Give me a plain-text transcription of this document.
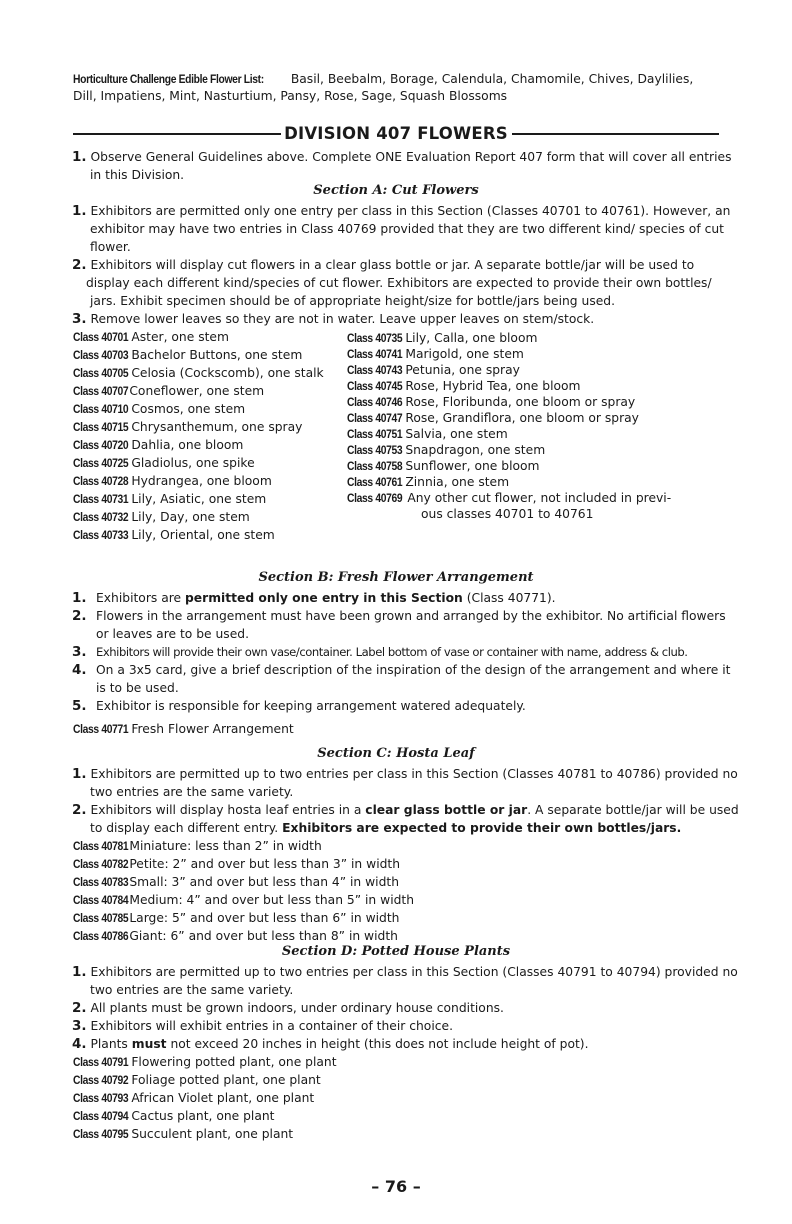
Horticulture Challenge Edible Flower List: Basil, Beebalm, Borage, Calendula, Chamomile, Chives, Daylilies,
Dill, Impatiens, Mint, Nasturtium, Pansy, Rose, Sage, Squash Blossoms
DIVISION 407 FLOWERS
1. Observe General Guidelines above. Complete ONE Evaluation Report 407 form that will cover all entries
in this Division.
Section A: Cut Flowers
1. Exhibitors are permitted only one entry per class in this Section (Classes 40701 to 40761). However, an
exhibitor may have two entries in Class 40769 provided that they are two different kind/ species of cut
flower.
2. Exhibitors will display cut flowers in a clear glass bottle or jar. A separate bottle/jar will be used to
display each different kind/species of cut flower. Exhibitors are expected to provide their own bottles/
jars. Exhibit specimen should be of appropriate height/size for bottle/jars being used.
3. Remove lower leaves so they are not in water. Leave upper leaves on stem/stock.
Class 40701 Aster, one stem
Class 40703 Bachelor Buttons, one stem
Class 40705 Celosia (Cockscomb), one stalk
Class 40707Coneflower, one stem
Class 40710 Cosmos, one stem
Class 40715 Chrysanthemum, one spray
Class 40720 Dahlia, one bloom
Class 40725 Gladiolus, one spike
Class 40728 Hydrangea, one bloom
Class 40731 Lily, Asiatic, one stem
Class 40732 Lily, Day, one stem
Class 40733 Lily, Oriental, one stem
Class 40735 Lily, Calla, one bloom
Class 40741 Marigold, one stem
Class 40743 Petunia, one spray
Class 40745 Rose, Hybrid Tea, one bloom
Class 40746 Rose, Floribunda, one bloom or spray
Class 40747 Rose, Grandiflora, one bloom or spray
Class 40751 Salvia, one stem
Class 40753 Snapdragon, one stem
Class 40758 Sunflower, one bloom
Class 40761 Zinnia, one stem
Class 40769 Any other cut flower, not included in previ-
ous classes 40701 to 40761
Section B: Fresh Flower Arrangement
1. Exhibitors are permitted only one entry in this Section (Class 40771).
2. Flowers in the arrangement must have been grown and arranged by the exhibitor. No artificial flowers
or leaves are to be used.
3. Exhibitors will provide their own vase/container. Label bottom of vase or container with name, address & club.
4. On a 3x5 card, give a brief description of the inspiration of the design of the arrangement and where it
is to be used.
5. Exhibitor is responsible for keeping arrangement watered adequately.
Class 40771 Fresh Flower Arrangement
Section C: Hosta Leaf
1. Exhibitors are permitted up to two entries per class in this Section (Classes 40781 to 40786) provided no
two entries are the same variety.
2. Exhibitors will display hosta leaf entries in a clear glass bottle or jar. A separate bottle/jar will be used
to display each different entry. Exhibitors are expected to provide their own bottles/jars.
Class 40781Miniature: less than 2” in width
Class 40782Petite: 2” and over but less than 3” in width
Class 40783Small: 3” and over but less than 4” in width
Class 40784Medium: 4” and over but less than 5” in width
Class 40785Large: 5” and over but less than 6” in width
Class 40786Giant: 6” and over but less than 8” in width
Section D: Potted House Plants
1. Exhibitors are permitted up to two entries per class in this Section (Classes 40791 to 40794) provided no
two entries are the same variety.
2. All plants must be grown indoors, under ordinary house conditions.
3. Exhibitors will exhibit entries in a container of their choice.
4. Plants must not exceed 20 inches in height (this does not include height of pot).
Class 40791 Flowering potted plant, one plant
Class 40792 Foliage potted plant, one plant
Class 40793 African Violet plant, one plant
Class 40794 Cactus plant, one plant
Class 40795 Succulent plant, one plant
– 76 –
